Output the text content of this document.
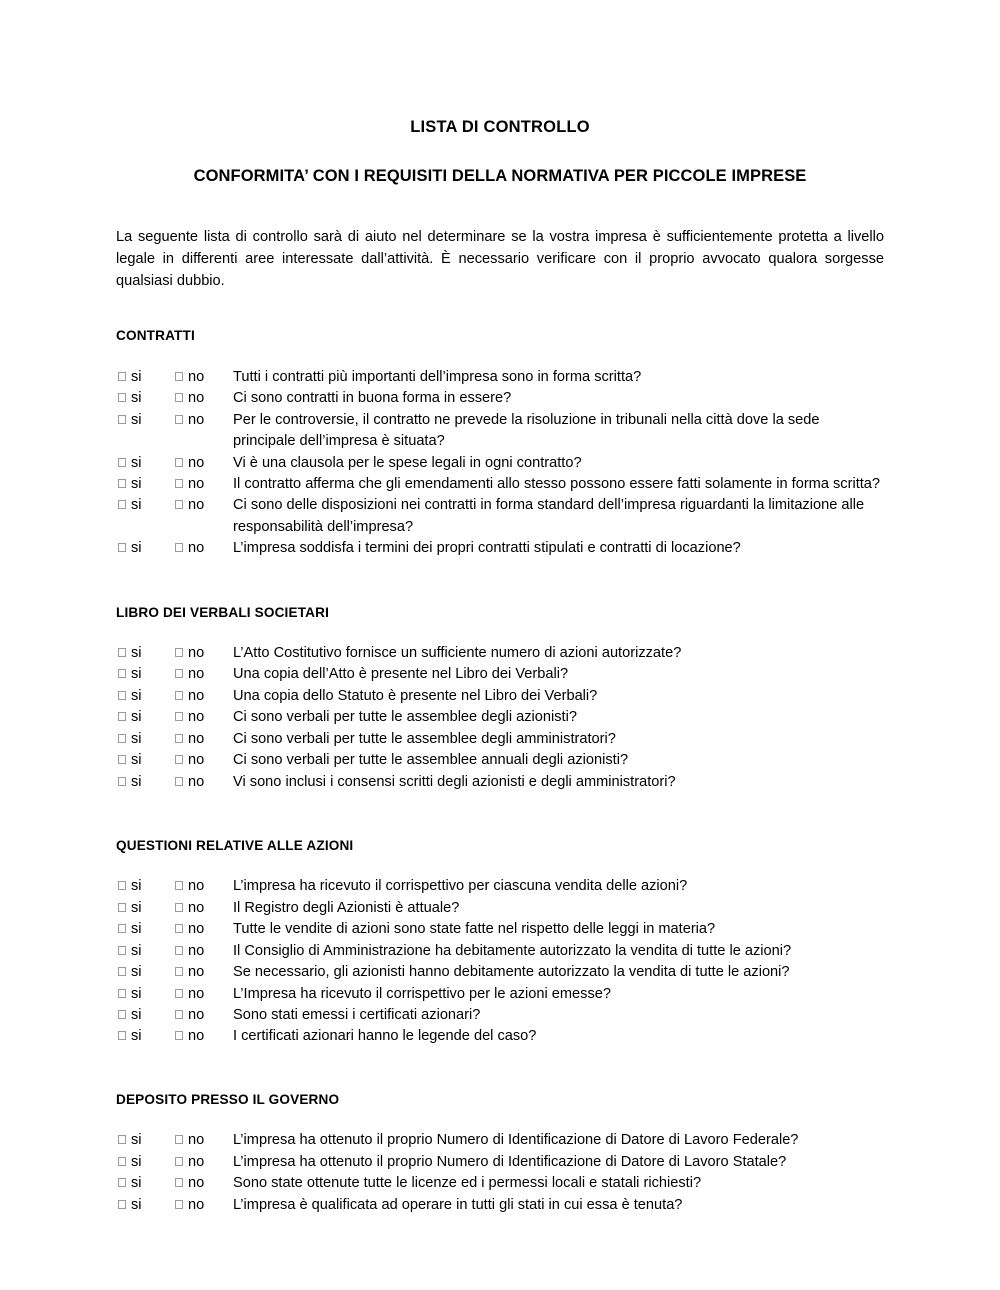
LISTA DI CONTROLLO
CONFORMITA’ CON I REQUISITI DELLA NORMATIVA PER PICCOLE IMPRESE

La seguente lista di controllo sarà di aiuto nel determinare se la vostra impresa è sufficientemente protetta a livello legale in differenti aree interessate dall’attività. È necessario verificare con il proprio avvocato qualora sorgesse qualsiasi dubbio.

CONTRATTI
si	no Tutti i contratti più importanti dell’impresa sono in forma scritta?
si	no Ci sono contratti in buona forma in essere?
si	no Per le controversie, il contratto ne prevede la risoluzione in tribunali nella città dove la sede principale dell’impresa è situata?
si	no Vi è una clausola per le spese legali in ogni contratto?
si	no Il contratto afferma che gli emendamenti allo stesso possono essere fatti solamente in forma scritta?
si	no Ci sono delle disposizioni nei contratti in forma standard dell’impresa riguardanti la limitazione alle responsabilità dell’impresa?
si	no L’impresa soddisfa i termini dei propri contratti stipulati e contratti di locazione?
LIBRO DEI VERBALI SOCIETARI
si	no L’Atto Costitutivo fornisce un sufficiente numero di azioni autorizzate?
si	no Una copia dell’Atto è presente nel Libro dei Verbali?
si	no Una copia dello Statuto è presente nel Libro dei Verbali?
si	no Ci sono verbali per tutte le assemblee degli azionisti?
si	no Ci sono verbali per tutte le assemblee degli amministratori?
si	no Ci sono verbali per tutte le assemblee annuali degli azionisti?
si	no Vi sono inclusi i consensi scritti degli azionisti e degli amministratori?
QUESTIONI RELATIVE ALLE AZIONI
si	no L’impresa ha ricevuto il corrispettivo per ciascuna vendita delle azioni?
si	no Il Registro degli Azionisti è attuale?
si	no Tutte le vendite di azioni sono state fatte nel rispetto delle leggi in materia?
si	no Il Consiglio di Amministrazione ha debitamente autorizzato la vendita di tutte le azioni?
si	no Se necessario, gli azionisti hanno debitamente autorizzato la vendita di tutte le azioni?
si	no L’Impresa ha ricevuto il corrispettivo per le azioni emesse?
si	no Sono stati emessi i certificati azionari?
si	no I certificati azionari hanno le legende del caso?
DEPOSITO PRESSO IL GOVERNO
si	no L’impresa ha ottenuto il proprio Numero di Identificazione di Datore di Lavoro Federale?
si	no L’impresa ha ottenuto il proprio Numero di Identificazione di Datore di Lavoro Statale?
si	no Sono state ottenute tutte le licenze ed i permessi locali e statali richiesti?
si	no L’impresa è qualificata ad operare in tutti gli stati in cui essa è tenuta?
